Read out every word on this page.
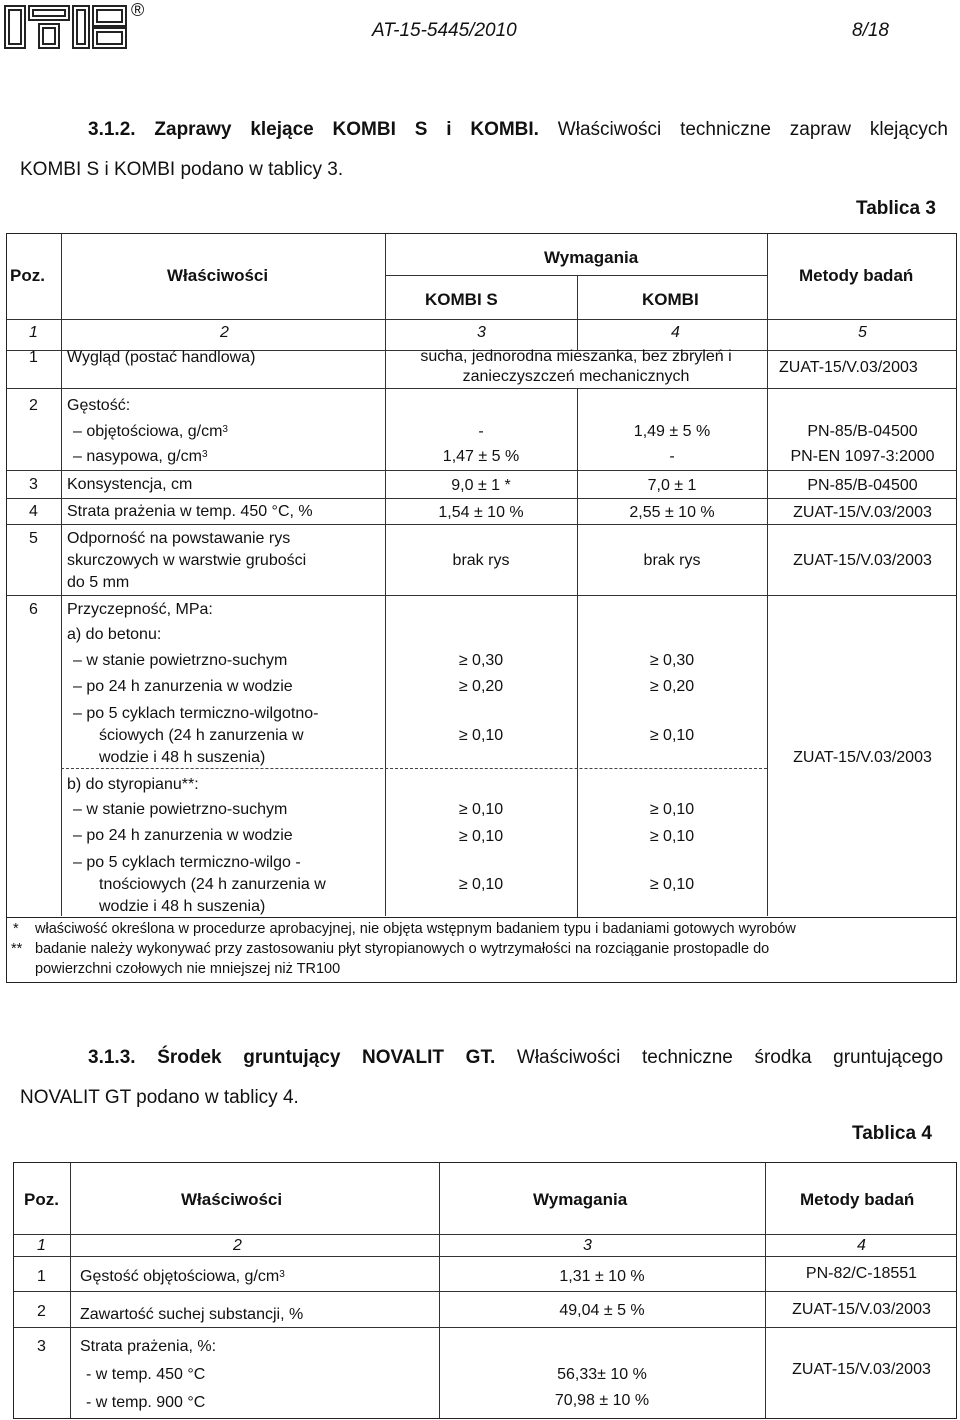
®
AT-15-5445/2010	8/18
3.1.2. Zaprawy klejące KOMBI S i KOMBI. Właściwości techniczne zapraw klejących
KOMBI S i KOMBI podano w tablicy 3.
Tablica 3
Poz.	Właściwości
Wymagania
KOMBI S	KOMBI
Metody badań
1	2	3	4	5
1 Wygląd (postać handlowa)	sucha, jednorodna mieszanka, bez zbryleń i
zanieczyszczeń mechanicznych
ZUAT-15/V.03/2003
2 Gęstość:
– objętościowa, $g/cm^3$	-	1,49 ± 5 %	PN-85/B-04500
– nasypowa, $g/cm^3$	1,47 ± 5 %	-	PN-EN 1097-3:2000
3 Konsystencja, cm	9,0 ± 1 *	7,0 ± 1	PN-85/B-04500
4 Strata prażenia w temp. 450 °C, %	1,54 ± 10 %	2,55 ± 10 %	ZUAT-15/V.03/2003
5 Odporność na powstawanie rys
skurczowych w warstwie grubości
do 5 mm
brak rys	brak rys	ZUAT-15/V.03/2003
6 Przyczepność, MPa:
a) do betonu:
– w stanie powietrzno-suchym	≥ 0,30	≥ 0,30
– po 24 h zanurzenia w wodzie	≥ 0,20	≥ 0,20
– po 5 cyklach termiczno-wilgotno-
ściowych (24 h zanurzenia w
wodzie i 48 h suszenia)
≥ 0,10	≥ 0,10
ZUAT-15/V.03/2003
b) do styropianu**:
– w stanie powietrzno-suchym	≥ 0,10	≥ 0,10
– po 24 h zanurzenia w wodzie	≥ 0,10	≥ 0,10
– po 5 cyklach termiczno-wilgo -
tnościowych (24 h zanurzenia w
wodzie i 48 h suszenia)
≥ 0,10	≥ 0,10
* właściwość określona w procedurze aprobacyjnej, nie objęta wstępnym badaniem typu i badaniami gotowych wyrobów
** badanie należy wykonywać przy zastosowaniu płyt styropianowych o wytrzymałości na rozciąganie prostopadle do
powierzchni czołowych nie mniejszej niż TR100
3.1.3. Środek gruntujący NOVALIT GT. Właściwości techniczne środka gruntującego
NOVALIT GT podano w tablicy 4.
Tablica 4
Poz.	Właściwości	Wymagania	Metody badań
1	2	3	4
1 Gęstość objętościowa, $g/cm^3$	1,31 ± 10 %	PN-82/C-18551
2 Zawartość suchej substancji, %	49,04 ± 5 %	ZUAT-15/V.03/2003
3 Strata prażenia, %:
- w temp. 450 °C	56,33± 10 %
- w temp. 900 °C	70,98 ± 10 %
ZUAT-15/V.03/2003
